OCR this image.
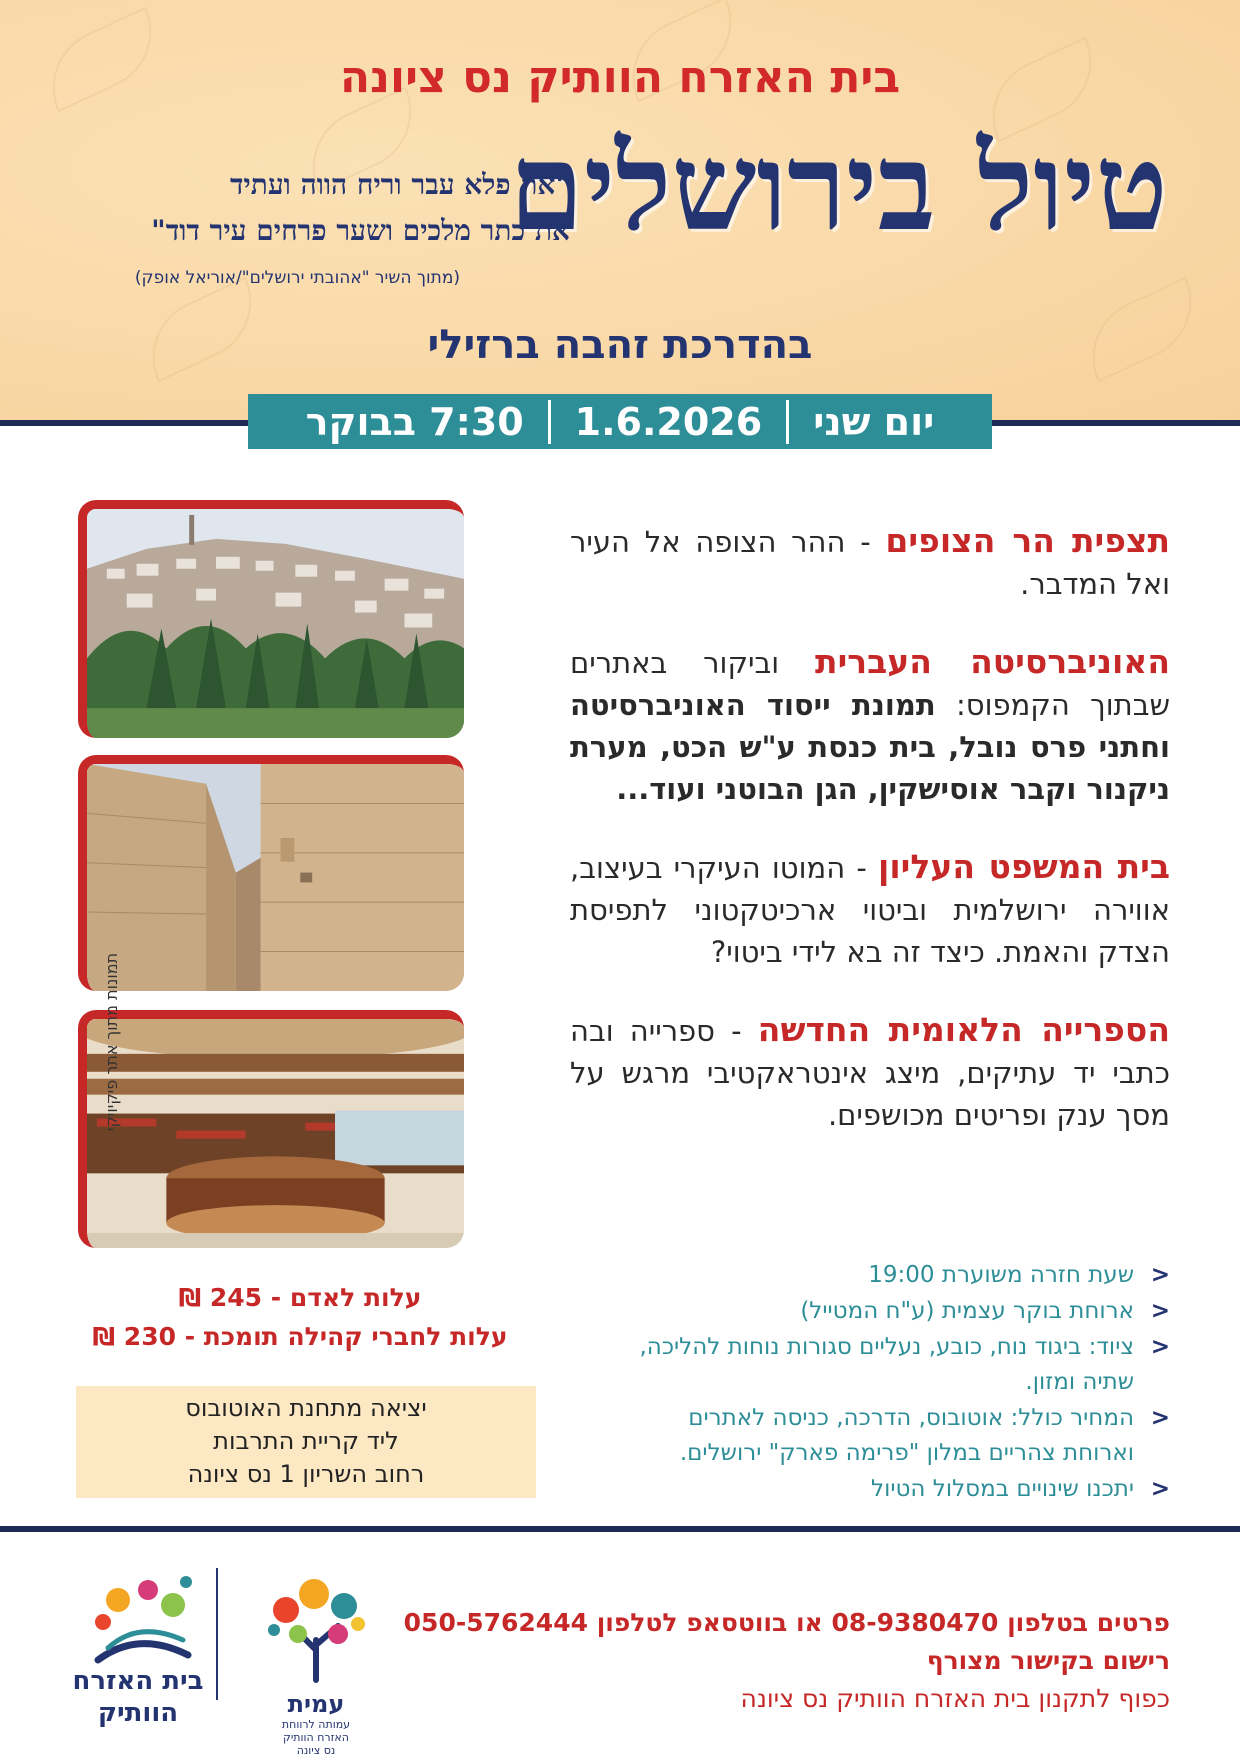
בית האזרח הוותיק נס ציונה
טיול בירושלים
"את פלא עבר וריח הווה ועתיד
את כתר מלכים ושער פרחים עיר דוד"
(מתוך השיר "אהובתי ירושלים"/אוריאל אופק)
בהדרכת זהבה ברזילי
יום שני
1.6.2026
7:30 בבוקר
תצפית הר הצופים - ההר הצופה אל העיר ואל המדבר.
האוניברסיטה העברית וביקור באתרים שבתוך הקמפוס: תמונת ייסוד האוניברסיטה וחתני פרס נובל, בית כנסת ע"ש הכט, מערת ניקנור וקבר אוסישקין, הגן הבוטני ועוד...
בית המשפט העליון - המוטו העיקרי בעיצוב, אווירה ירושלמית וביטוי ארכיטקטוני לתפיסת הצדק והאמת. כיצד זה בא לידי ביטוי?
הספרייה הלאומית החדשה - ספרייה ובה כתבי יד עתיקים, מיצג אינטראקטיבי מרגש על מסך ענק ופריטים מכושפים.
תמונות מתוך אתר פיקיויקי
עלות לאדם - 245 ₪
עלות לחברי קהילה תומכת - 230 ₪
יציאה מתחנת האוטובוס
ליד קריית התרבות
רחוב השריון 1 נס ציונה
<
שעת חזרה משוערת 19:00
<
ארוחת בוקר עצמית (ע"ח המטייל)
<
ציוד: ביגוד נוח, כובע, נעליים סגורות נוחות להליכה, שתיה ומזון.
<
המחיר כולל: אוטובוס, הדרכה, כניסה לאתרים וארוחת צהריים במלון "פרימה פארק" ירושלים.
<
יתכנו שינויים במסלול הטיול
פרטים בטלפון 08-9380470 או בווטסאפ לטלפון 050-5762444
רישום בקישור מצורף
כפוף לתקנון בית האזרח הוותיק נס ציונה
עמית
עמותה לרווחת
האזרח הוותיק
נס ציונה
בית האזרח
הוותיק
